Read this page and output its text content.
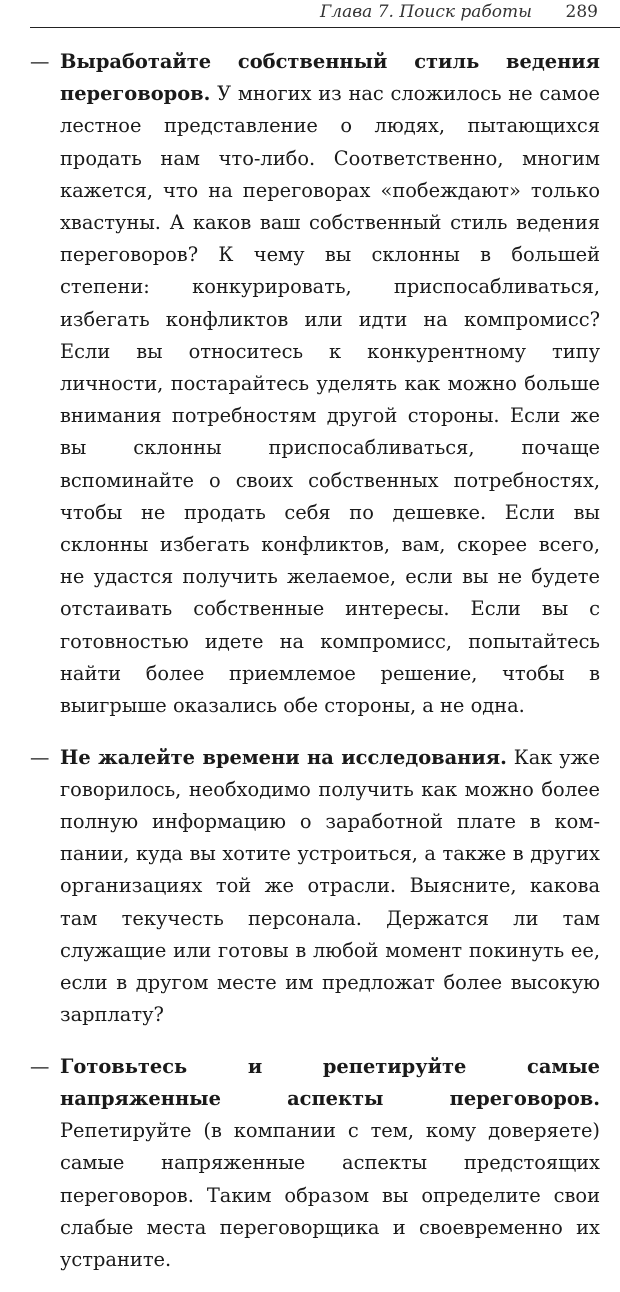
Глава 7. Поиск работы 289

— Выработайте собственный стиль ведения переговоров. У многих из нас сложилось не самое лестное представление о людях, пытающихся продать нам что-либо. Соответственно, многим кажется, что на переговорах «побеждают» только хвастуны. А каков ваш собственный стиль ведения переговоров? К чему вы склонны в большей степени: конкурировать, приспосабливаться, избегать конфликтов или идти на компромисс? Если вы относитесь к конкурентному типу личности, постарайтесь уделять как можно больше внимания потребностям другой стороны. Если же вы склонны приспосабливаться, почаще вспоминайте о своих собственных потребностях, чтобы не продать себя по дешевке. Если вы склонны избегать конфликтов, вам, скорее всего, не удастся получить желаемое, если вы не будете отстаивать собственные интересы. Если вы с готовностью идете на компромисс, попытайтесь найти более приемлемое решение, чтобы в выигрыше оказались обе стороны, а не одна.

— Не жалейте времени на исследования. Как уже говорилось, необходимо получить как можно более полную информацию о заработной плате в компании, куда вы хотите устроиться, а также в других организациях той же отрасли. Выясните, какова там текучесть персонала. Держатся ли там служащие или готовы в любой момент покинуть ее, если в другом месте им предложат более высокую зарплату?

— Готовьтесь и репетируйте самые напряженные аспекты переговоров. Репетируйте (в компании с тем, кому доверяете) самые напряженные аспекты предстоящих переговоров. Таким образом вы определите свои слабые места переговорщика и своевременно их устраните.
